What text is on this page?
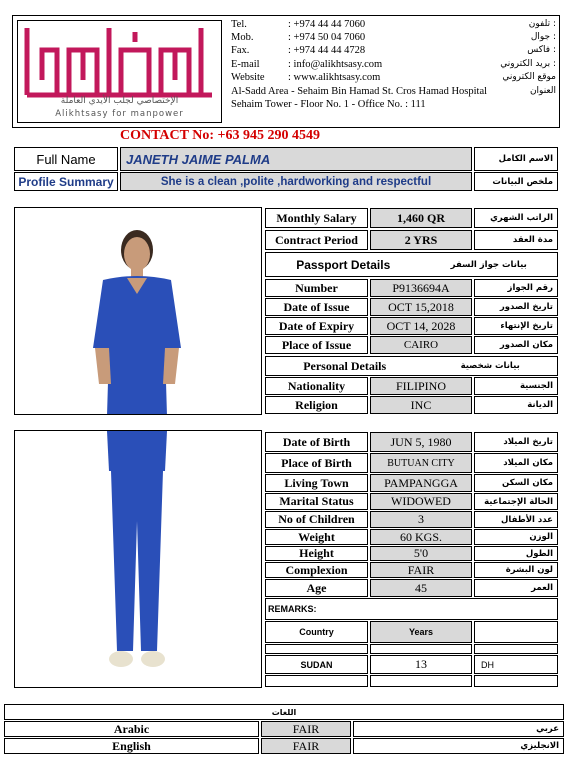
الإختصاصي لجلب الأيدي العاملة
Alikhtsasy for manpower
Tel.	: +974 44 44 7060	تلفون :
Mob.	: +974 50 04 7060	جوال :
Fax.	: +974 44 44 4728	فاكس :
E-mail	: info@alikhtsasy.com	بريد الكتروني :
Website : www.alikhtsasy.com	موقع الكتروني
Al-Sadd Area - Sehaim Bin Hamad St. Cros Hamad Hospital	العنوان
Sehaim Tower - Floor No. 1 - Office No. : 111
CONTACT No: +63 945 290 4549
Full Name	JANETH JAIME PALMA	الاسم الكامل
Profile Summary	She is a clean ,polite ,hardworking and respectful	ملخص البيانات
Monthly Salary	1,460 QR	الراتب الشهري
Contract Period	2 YRS	مدة العقد
Passport Details	بيانات جواز السفر
Number	P9136694A	رقم الجواز
Date of Issue	OCT 15,2018	تاريخ الصدور
Date of Expiry	OCT 14, 2028	تاريخ الإنتهاء
Place of Issue	CAIRO	مكان الصدور
Personal Details	بيانات شخصية
Nationality	FILIPINO	الجنسية
Religion	INC	الديانة
Date of Birth	JUN 5, 1980	تاريخ الميلاد
Place of Birth	BUTUAN CITY	مكان الميلاد
Living Town	PAMPANGGA	مكان السكن
Marital Status	WIDOWED	الحالة الإجتماعية
No of Children	3	عدد الأطفال
Weight	60 KGS.	الوزن
Height	5'0	الطول
Complexion	FAIR	لون البشرة
Age	45	العمر
REMARKS:
Country	Years
SUDAN	13	DH
اللغات
Arabic	FAIR	عربي
English	FAIR	الانجليزي
